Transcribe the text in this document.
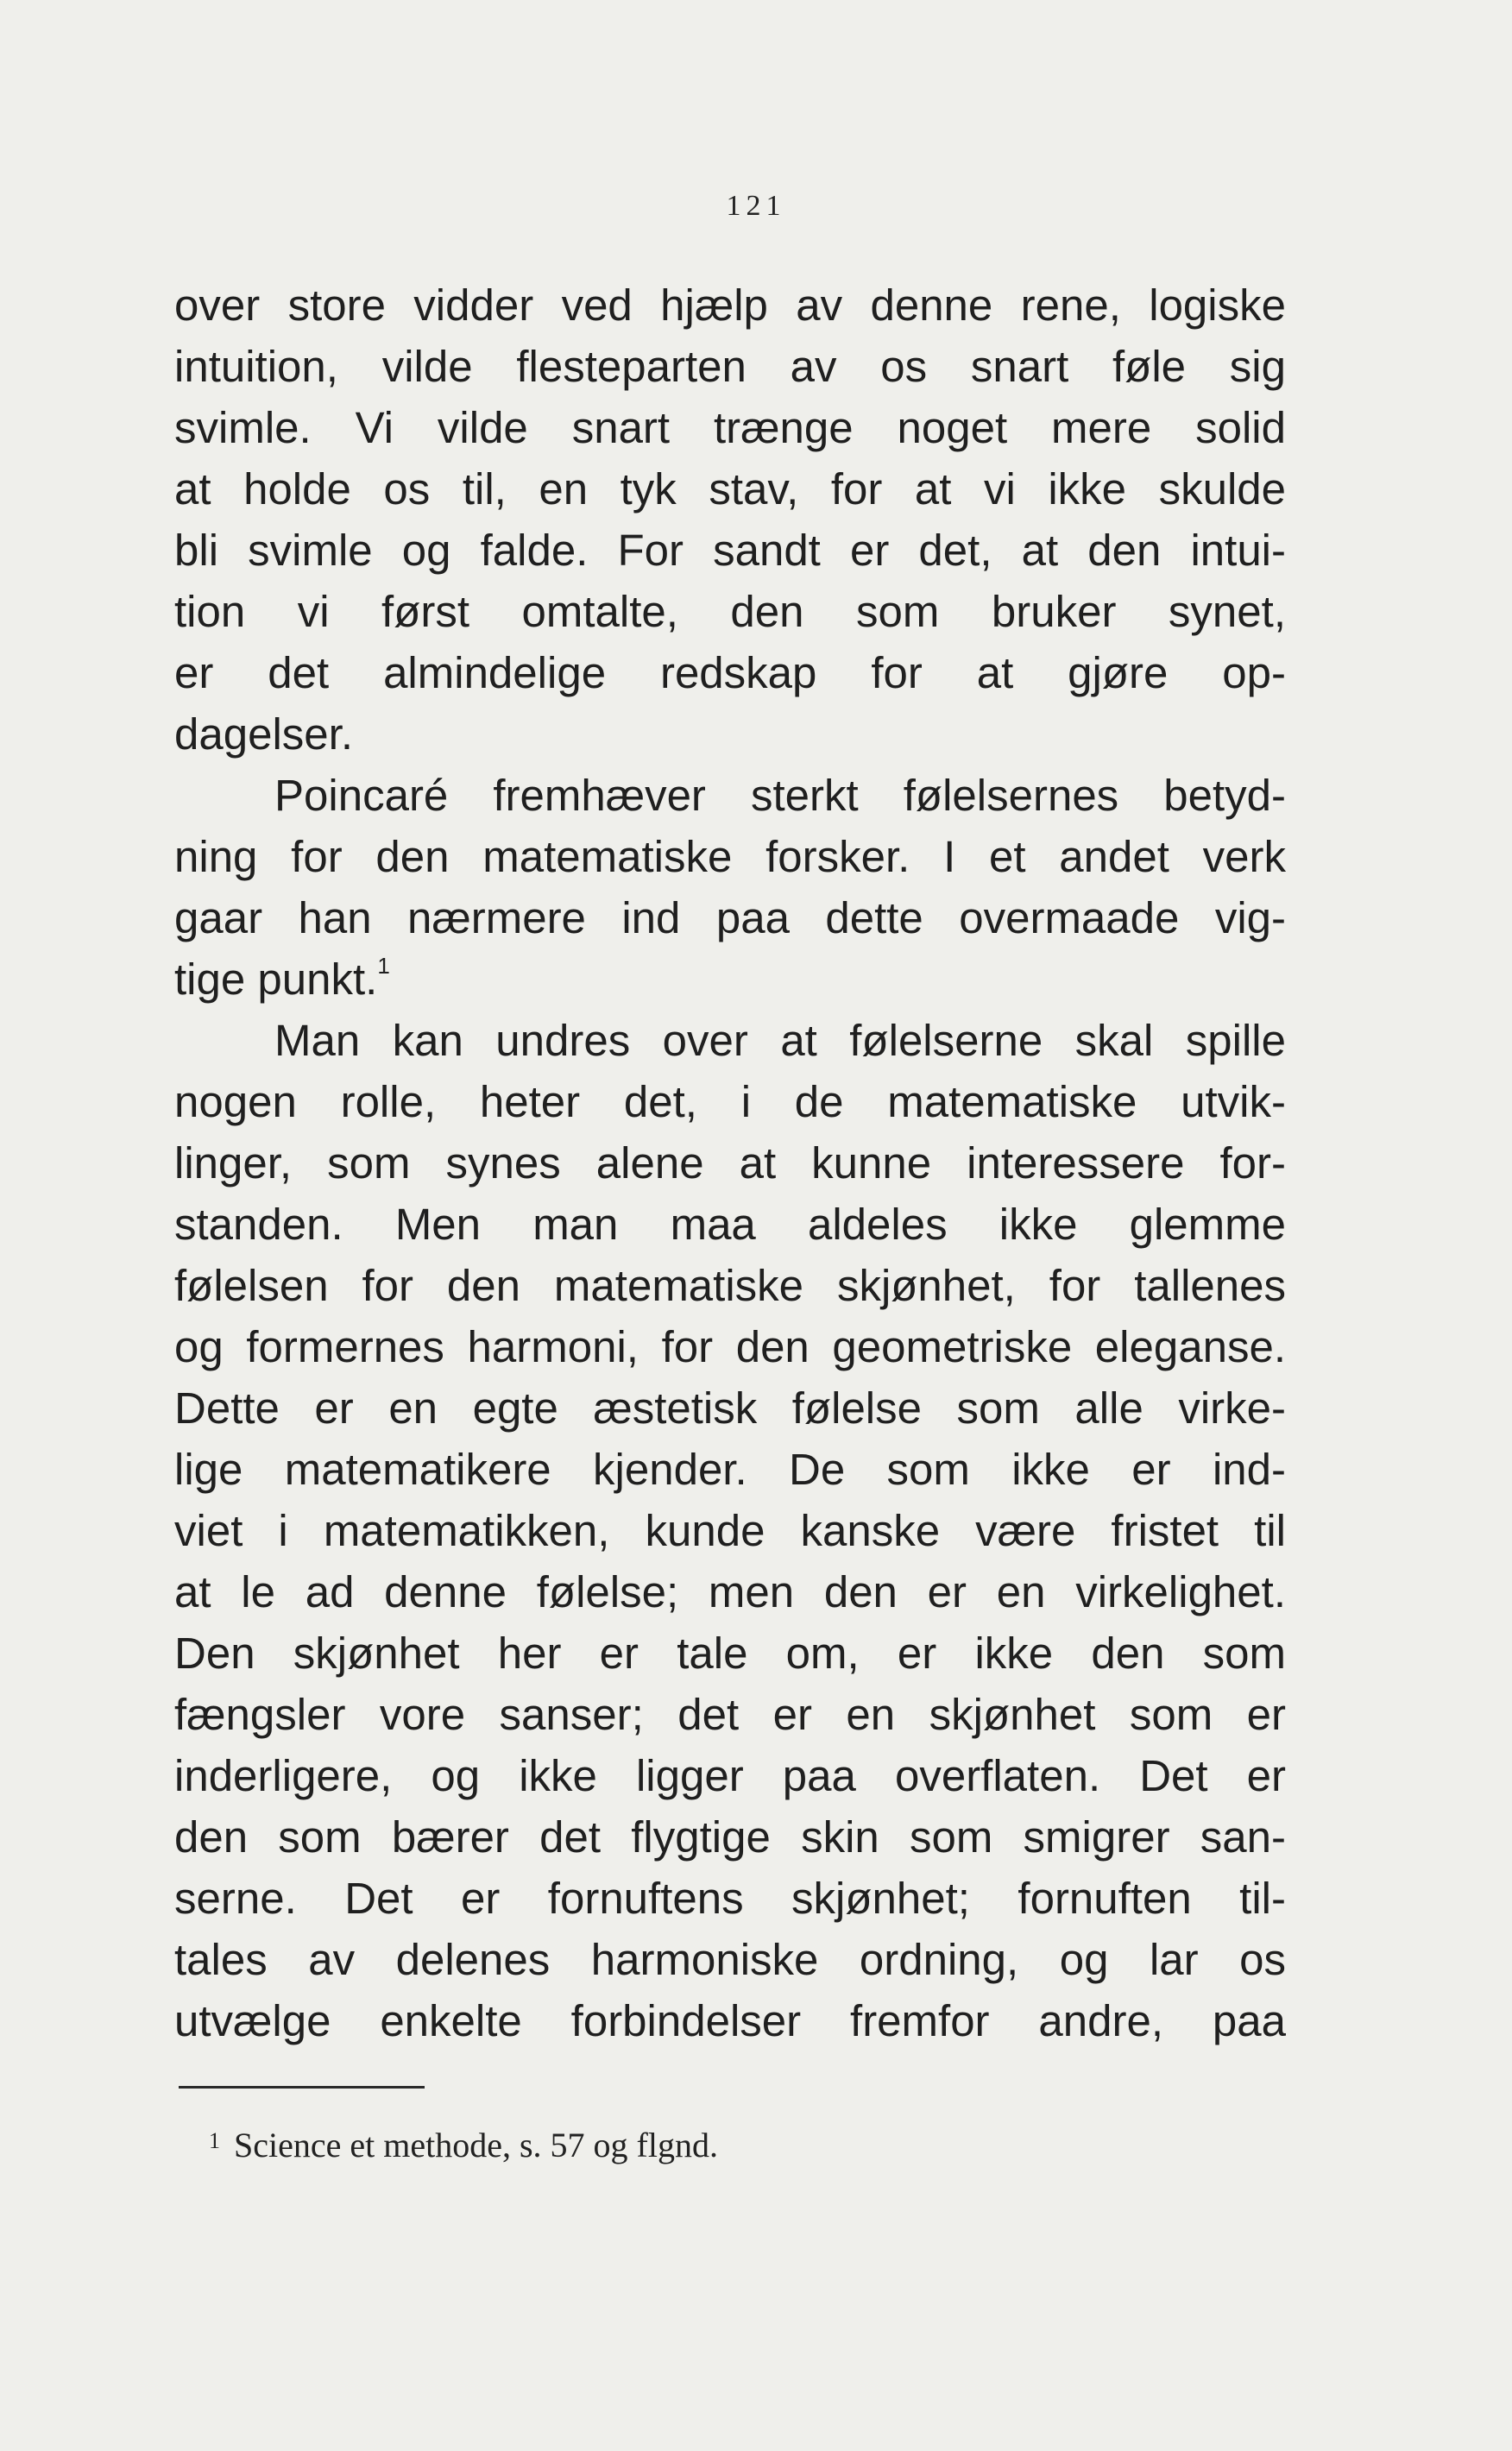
121
over store vidder ved hjælp av denne rene, logiske
intuition, vilde flesteparten av os snart føle sig
svimle. Vi vilde snart trænge noget mere solid
at holde os til, en tyk stav, for at vi ikke skulde
bli svimle og falde. For sandt er det, at den intui-
tion vi først omtalte, den som bruker synet,
er det almindelige redskap for at gjøre op-
dagelser.
Poincaré fremhæver sterkt følelsernes betyd-
ning for den matematiske forsker. I et andet verk
gaar han nærmere ind paa dette overmaade vig-
tige punkt.$^1$
Man kan undres over at følelserne skal spille
nogen rolle, heter det, i de matematiske utvik-
linger, som synes alene at kunne interessere for-
standen. Men man maa aldeles ikke glemme
følelsen for den matematiske skjønhet, for tallenes
og formernes harmoni, for den geometriske eleganse.
Dette er en egte æstetisk følelse som alle virke-
lige matematikere kjender. De som ikke er ind-
viet i matematikken, kunde kanske være fristet til
at le ad denne følelse; men den er en virkelighet.
Den skjønhet her er tale om, er ikke den som
fængsler vore sanser; det er en skjønhet som er
inderligere, og ikke ligger paa overflaten. Det er
den som bærer det flygtige skin som smigrer san-
serne. Det er fornuftens skjønhet; fornuften til-
tales av delenes harmoniske ordning, og lar os
utvælge enkelte forbindelser fremfor andre, paa
$^1$ Science et methode, s. 57 og flgnd.
